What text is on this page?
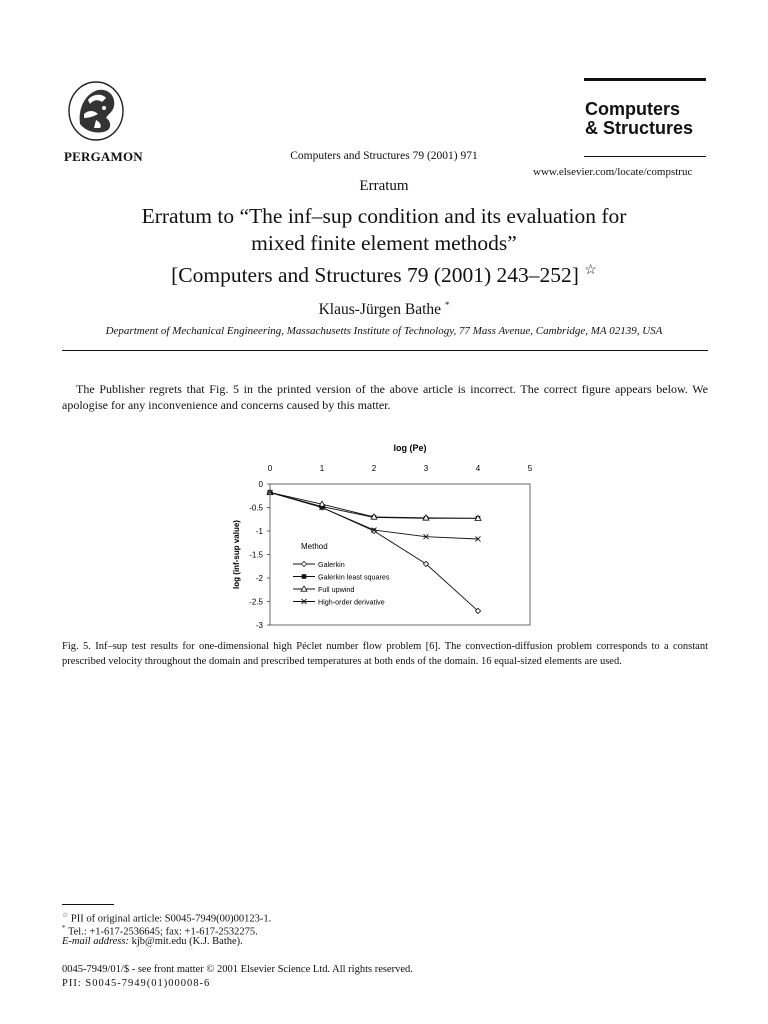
PERGAMON	Computers and Structures 79 (2001) 971
Computers
& Structures
www.elsevier.com/locate/compstruc
Erratum
Erratum to “The inf–sup condition and its evaluation for
mixed finite element methods”
[Computers and Structures 79 (2001) 243–252] ☆
Klaus-Jürgen Bathe *
Department of Mechanical Engineering, Massachusetts Institute of Technology, 77 Mass Avenue, Cambridge, MA 02139, USA
The Publisher regrets that Fig. 5 in the printed version of the above article is incorrect. The correct figure appears below. We apologise for any inconvenience and concerns caused by this matter.
log (Pe)
0	1	2	3	4	5
0
-0.5
-1
-1.5
-2
-2.5
-3
log (inf-sup value)	Method
Galerkin
Galerkin least squares
Full upwind
High-order derivative
Fig. 5. Inf–sup test results for one-dimensional high Péclet number flow problem [6]. The convection-diffusion problem corresponds to a constant prescribed velocity throughout the domain and prescribed temperatures at both ends of the domain. 16 equal-sized elements are used.
☆ PII of original article: S0045-7949(00)00123-1.
* Tel.: +1-617-2536645; fax: +1-617-2532275.
E-mail address: kjb@mit.edu (K.J. Bathe).
0045-7949/01/$ - see front matter © 2001 Elsevier Science Ltd. All rights reserved.
PII: S0045-7949(01)00008-6
